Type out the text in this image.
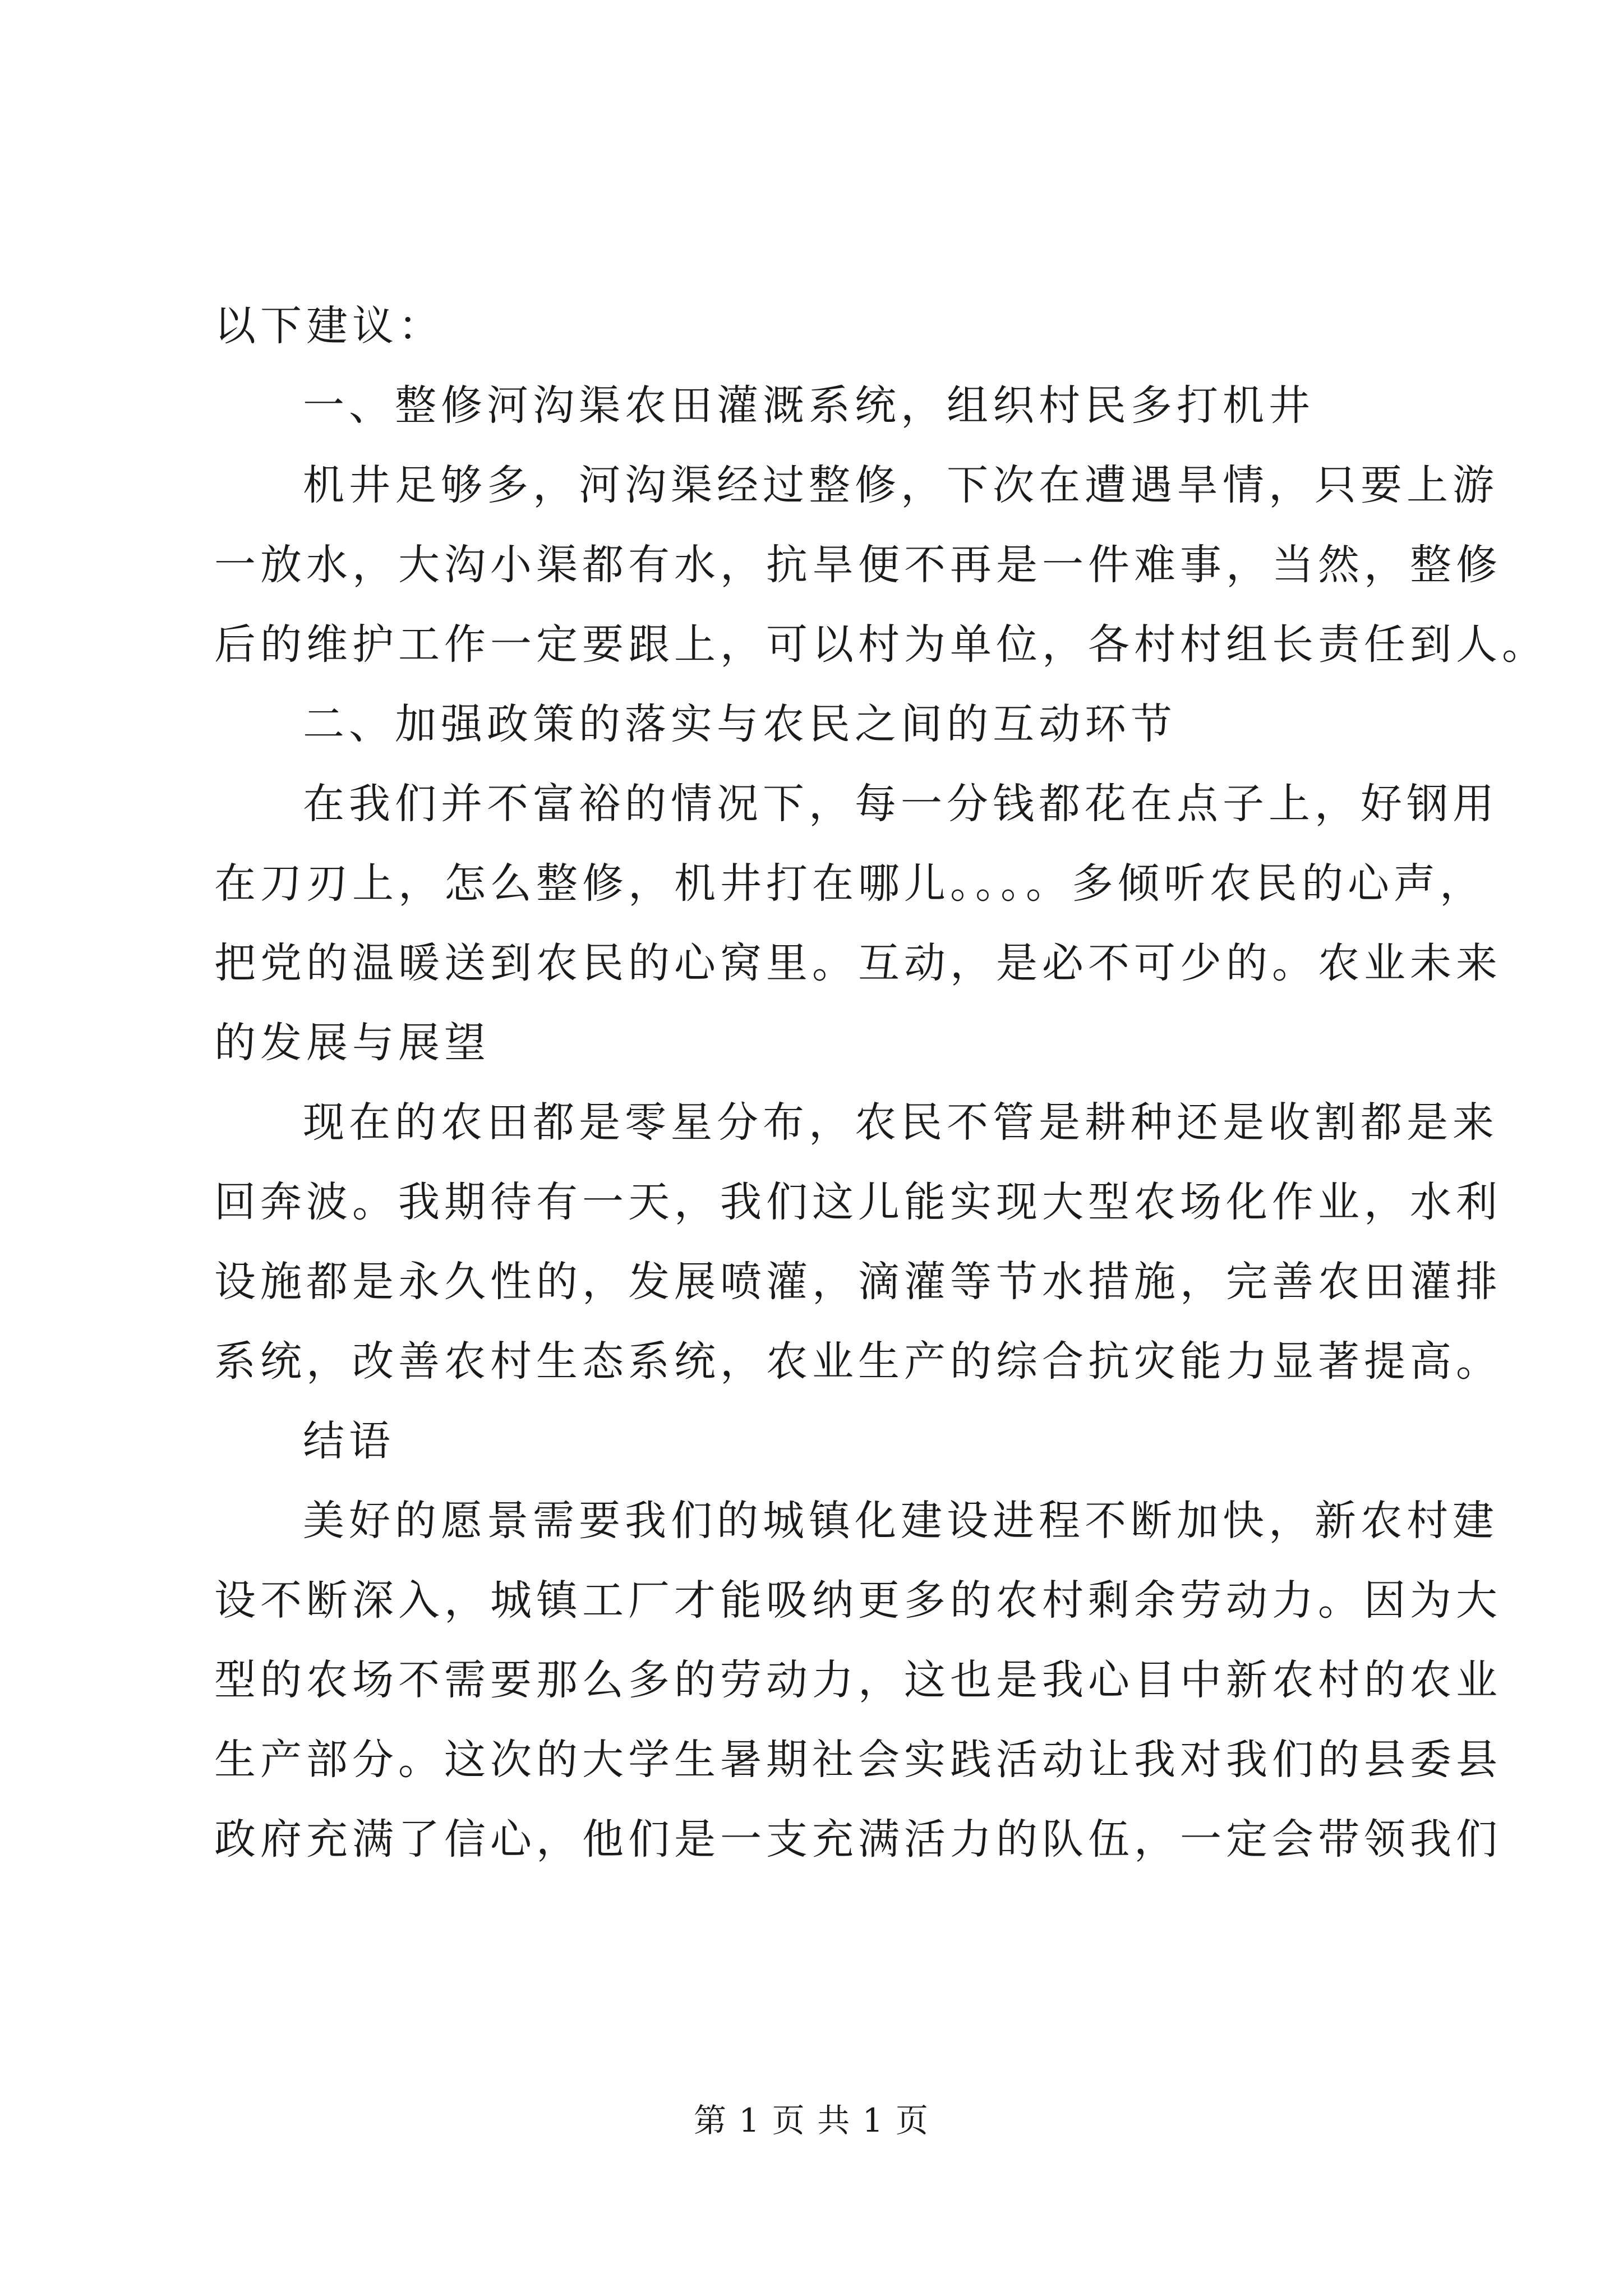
以下建议：
一、整修河沟渠农田灌溉系统，组织村民多打机井
机井足够多，河沟渠经过整修，下次在遭遇旱情，只要上游
一放水，大沟小渠都有水，抗旱便不再是一件难事，当然，整修
后的维护工作一定要跟上，可以村为单位，各村村组长责任到人。
二、加强政策的落实与农民之间的互动环节
在我们并不富裕的情况下，每一分钱都花在点子上，好钢用
在刀刃上，怎么整修，机井打在哪儿。。。。多倾听农民的心声，
把党的温暖送到农民的心窝里。互动，是必不可少的。农业未来
的发展与展望
现在的农田都是零星分布，农民不管是耕种还是收割都是来
回奔波。我期待有一天，我们这儿能实现大型农场化作业，水利
设施都是永久性的，发展喷灌，滴灌等节水措施，完善农田灌排
系统，改善农村生态系统，农业生产的综合抗灾能力显著提高。
结语
美好的愿景需要我们的城镇化建设进程不断加快，新农村建
设不断深入，城镇工厂才能吸纳更多的农村剩余劳动力。因为大
型的农场不需要那么多的劳动力，这也是我心目中新农村的农业
生产部分。这次的大学生暑期社会实践活动让我对我们的县委县
政府充满了信心，他们是一支充满活力的队伍，一定会带领我们
第 1 页 共 1 页
